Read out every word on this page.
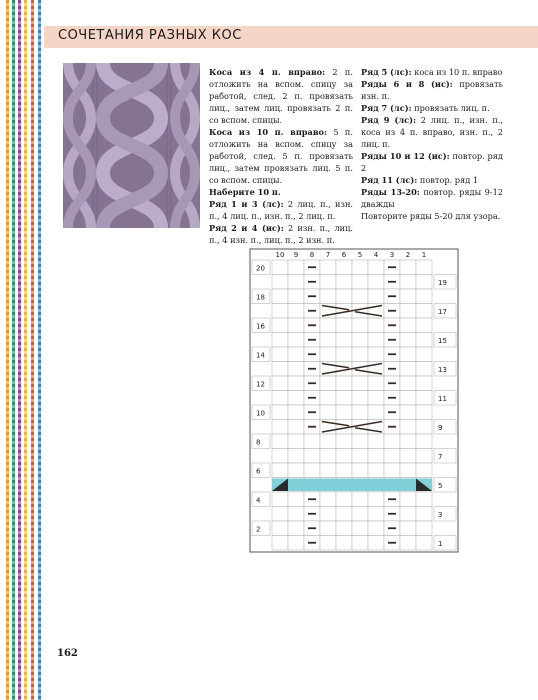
СОЧЕТАНИЯ РАЗНЫХ КОС

Коса из 4 п. вправо: 2 п. отложить на вспом. спицу за работой, след. 2 п. провязать лиц., затем лиц. провязать 2 п. со вспом. спицы.

Коса из 10 п. вправо: 5 п. отложить на вспом. спицу за работой, след. 5 п. провязать лиц., затем провязать лиц. 5 п. со вспом. спицы.

Наберите 10 п.

Ряд 1 и 3 (лс): 2 лиц. п., изн. п., 4 лиц. п., изн. п., 2 лиц. п.

Ряд 2 и 4 (ис): 2 изн. п., лиц. п., 4 изн. п., лиц. п., 2 изн. п.

Ряд 5 (лс): коса из 10 п. вправо

Ряды 6 и 8 (ис): провязать изн. п.

Ряд 7 (лс): провязать лиц. п.

Ряд 9 (лс): 2 лиц. п., изн. п., коса из 4 п. вправо, изн. п., 2 лиц. п.

Ряды 10 и 12 (ис): повтор. ряд 2

Ряд 11 (лс): повтор. ряд 1

Ряды 13-20: повтор. ряды 9-12 дважды

Повторите ряды 5-20 для узора.

10 9 8 7 6 5 4 3 2 1
20
18
16
14
12
10
8
6
4
2
19
17
15
13
11
9
7
5
3
1
162
